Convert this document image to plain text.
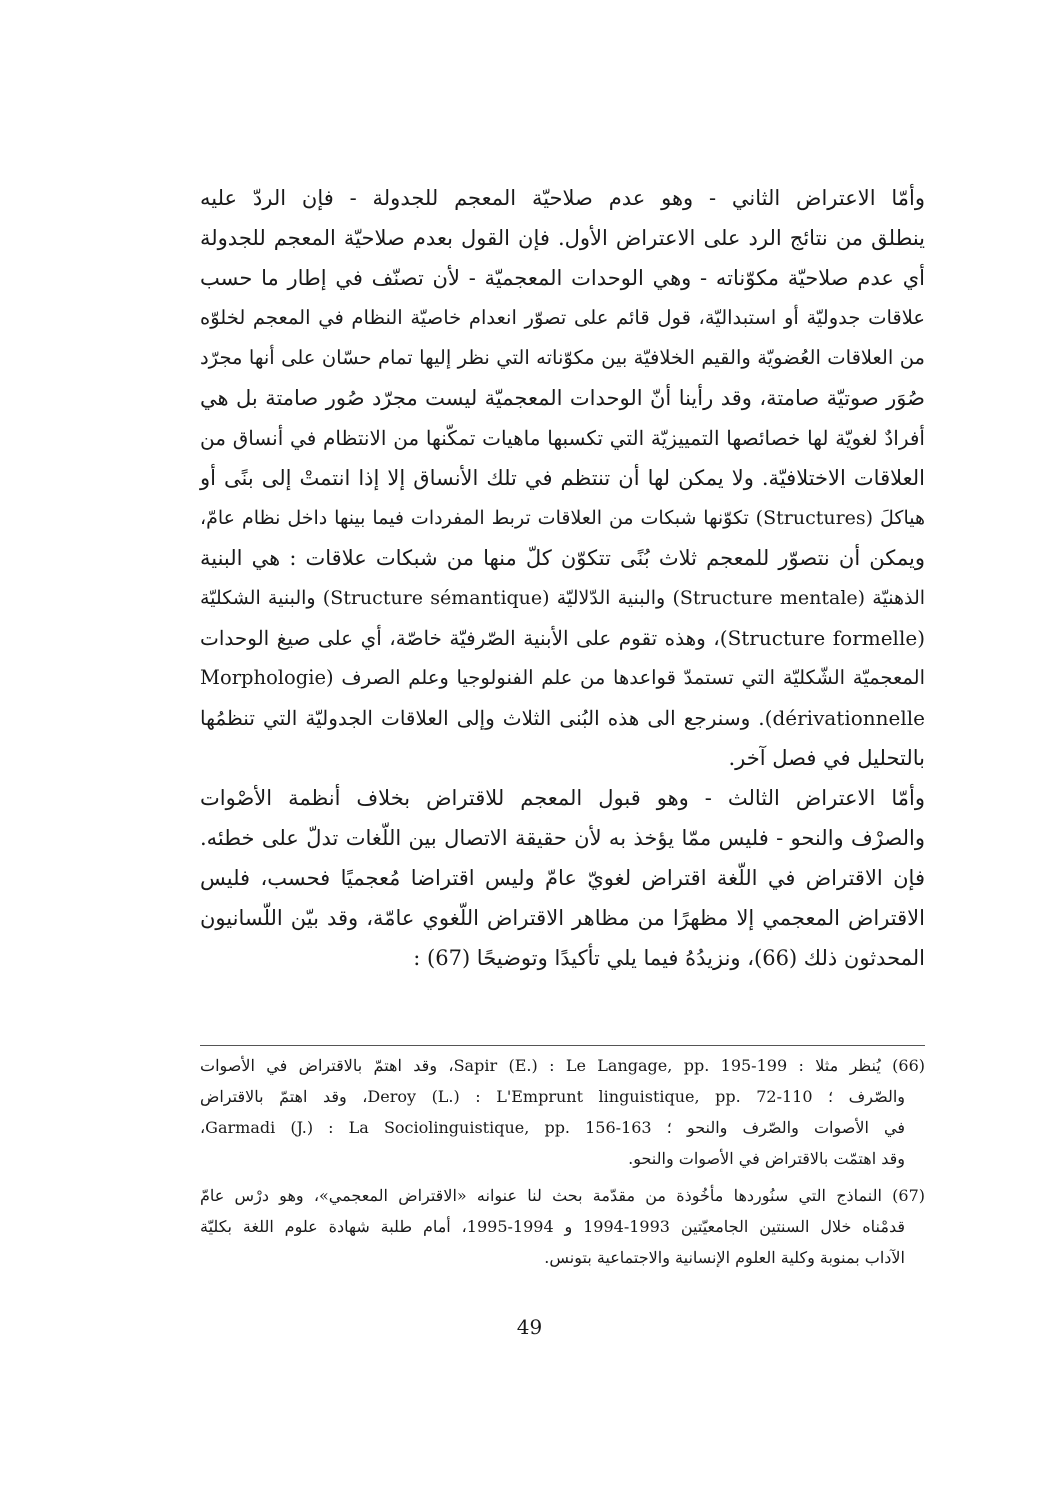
وأمّا الاعتراض الثاني - وهو عدم صلاحيّة المعجم للجدولة - فإن الردّ عليه
ينطلق من نتائج الرد على الاعتراض الأول. فإن القول بعدم صلاحيّة المعجم للجدولة
أي عدم صلاحيّة مكوّناته - وهي الوحدات المعجميّة - لأن تصنّف في إطار ما حسب
علاقات جدوليّة أو استبداليّة، قول قائم على تصوّر انعدام خاصيّة النظام في المعجم لخلوّه
من العلاقات العُضويّة والقيم الخلافيّة بين مكوّناته التي نظر إليها تمام حسّان على أنها مجرّد
صُوَر صوتيّة صامتة، وقد رأينا أنّ الوحدات المعجميّة ليست مجرّد صُور صامتة بل هي
أفرادٌ لغويّة لها خصائصها التمييزيّة التي تكسبها ماهيات تمكّنها من الانتظام في أنساق من
العلاقات الاختلافيّة. ولا يمكن لها أن تنتظم في تلك الأنساق إلا إذا انتمتْ إلى بنًى أو
هياكلَ (Structures) تكوّنها شبكات من العلاقات تربط المفردات فيما بينها داخل نظام عامّ،
ويمكن أن نتصوّر للمعجم ثلاث بُنًى تتكوّن كلّ منها من شبكات علاقات : هي البنية
الذهنيّة (Structure mentale) والبنية الدّلاليّة (Structure sémantique) والبنية الشكليّة
(Structure formelle)، وهذه تقوم على الأبنية الصّرفيّة خاصّة، أي على صيغ الوحدات
المعجميّة الشّكليّة التي تستمدّ قواعدها من علم الفنولوجيا وعلم الصرف (Morphologie
dérivationnelle). وسنرجع الى هذه البُنى الثلاث وإلى العلاقات الجدوليّة التي تنظمُها
بالتحليل في فصل آخر.
وأمّا الاعتراض الثالث - وهو قبول المعجم للاقتراض بخلاف أنظمة الأصْوات
والصرْف والنحو - فليس ممّا يؤخذ به لأن حقيقة الاتصال بين اللّغات تدلّ على خطئه.
فإن الاقتراض في اللّغة اقتراض لغويّ عامّ وليس اقتراضا مُعجميًا فحسب، فليس
الاقتراض المعجمي إلا مظهرًا من مظاهر الاقتراض اللّغوي عامّة، وقد بيّن اللّسانيون
المحدثون ذلك (66)، ونزيدُهُ فيما يلي تأكيدًا وتوضيحًا (67) :
(66) يُنظر مثلا : Sapir (E.) : Le Langage, pp. 195-199، وقد اهتمّ بالاقتراض في الأصوات
والصّرف ؛ Deroy (L.) : L'Emprunt linguistique, pp. 72-110، وقد اهتمّ بالاقتراض
في الأصوات والصّرف والنحو ؛ Garmadi (J.) : La Sociolinguistique, pp. 156-163،
وقد اهتمّت بالاقتراض في الأصوات والنحو.
(67) النماذج التي سنُوردها مأخُوذة من مقدّمة بحث لنا عنوانه «الاقتراض المعجمي»، وهو درْس عامّ
قدمْناه خلال السنتين الجامعيّتين 1993-1994 و 1994-1995، أمام طلبة شهادة علوم اللغة بكليّة
الآداب بمنوبة وكلية العلوم الإنسانية والاجتماعية بتونس.
49
